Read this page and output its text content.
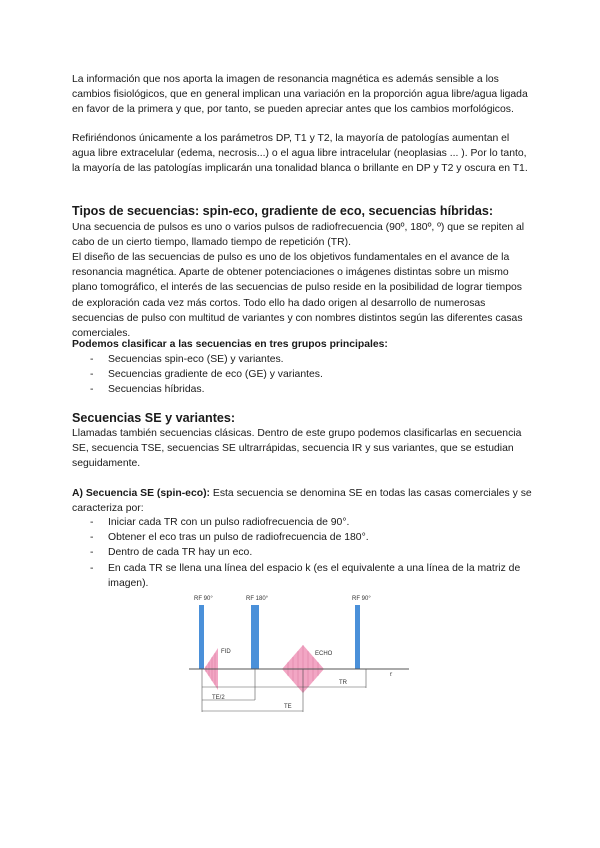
La información que nos aporta la imagen de resonancia magnética es además sensible a los cambios fisiológicos, que en general implican una variación en la proporción agua libre/agua ligada en favor de la primera y que, por tanto, se pueden apreciar antes que los cambios morfológicos.

Refiriéndonos únicamente a los parámetros DP, T1 y T2, la mayoría de patologías aumentan el agua libre extracelular (edema, necrosis...) o el agua libre intracelular (neoplasias ... ). Por lo tanto, la mayoría de las patologías implicarán una tonalidad blanca o brillante en DP y T2 y oscura en T1.

Tipos de secuencias: spin-eco, gradiente de eco, secuencias híbridas:

Una secuencia de pulsos es uno o varios pulsos de radiofrecuencia (90º, 180º, º) que se repiten al cabo de un cierto tiempo, llamado tiempo de repetición (TR).

El diseño de las secuencias de pulso es uno de los objetivos fundamentales en el avance de la resonancia magnética. Aparte de obtener potenciaciones o imágenes distintas sobre un mismo plano tomográfico, el interés de las secuencias de pulso reside en la posibilidad de lograr tiempos de exploración cada vez más cortos. Todo ello ha dado origen al desarrollo de numerosas secuencias de pulso con multitud de variantes y con nombres distintos según las diferentes casas comerciales.

Podemos clasificar a las secuencias en tres grupos principales:

- Secuencias spin-eco (SE) y variantes.
- Secuencias gradiente de eco (GE) y variantes.
- Secuencias híbridas.
Secuencias SE y variantes:

Llamadas también secuencias clásicas. Dentro de este grupo podemos clasificarlas en secuencia SE, secuencia TSE, secuencias SE ultrarrápidas, secuencia IR y sus variantes, que se estudian seguidamente.

A) Secuencia SE (spin-eco): Esta secuencia se denomina SE en todas las casas comerciales y se caracteriza por:

- Iniciar cada TR con un pulso radiofrecuencia de 90°.
- Obtener el eco tras un pulso de radiofrecuencia de 180°.
- Dentro de cada TR hay un eco.
- En cada TR se llena una línea del espacio k (es el equivalente a una línea de la matriz de imagen).
RF 90°	RF 180°	RF 90°
FID	ECHO
t'
TR
TE/2
TE
